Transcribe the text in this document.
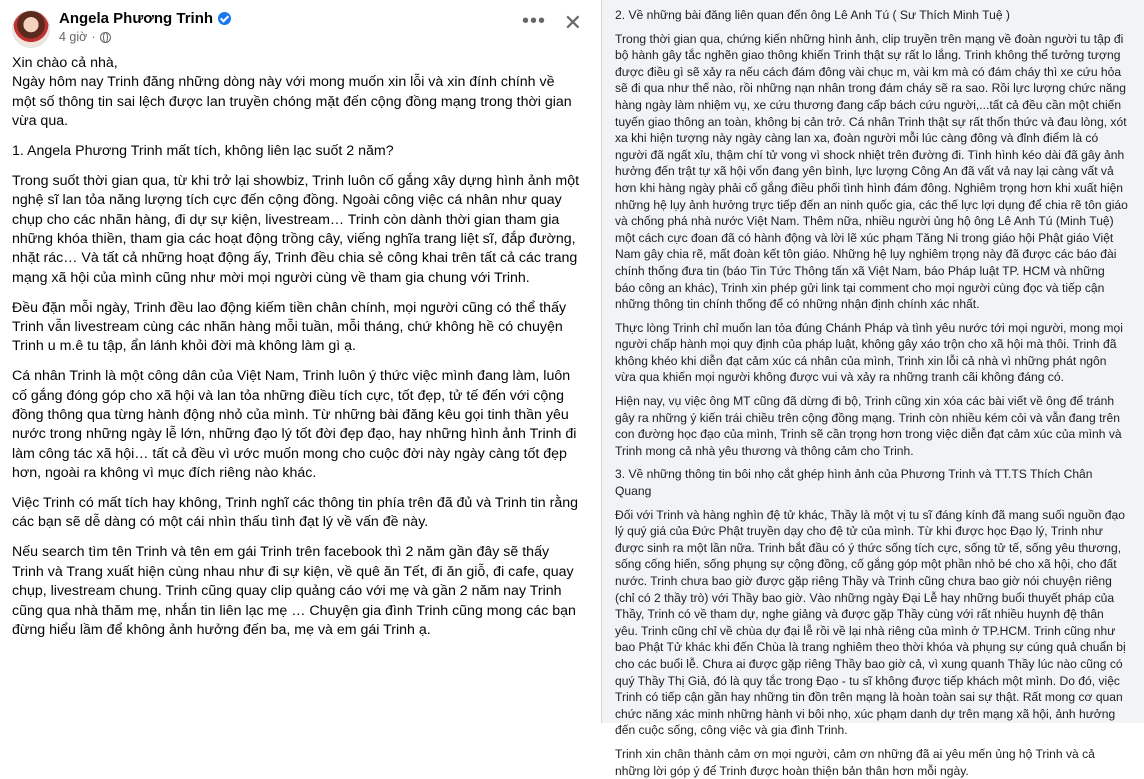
Angela Phương Trinh
4 giờ ·
••• ✕

Xin chào cả nhà,
Ngày hôm nay Trinh đăng những dòng này với mong muốn xin lỗi và xin đính chính về một số thông tin sai lệch được lan truyền chóng mặt đến cộng đồng mạng trong thời gian vừa qua.

1. Angela Phương Trinh mất tích, không liên lạc suốt 2 năm?

Trong suốt thời gian qua, từ khi trở lại showbiz, Trinh luôn cố gắng xây dựng hình ảnh một nghệ sĩ lan tỏa năng lượng tích cực đến cộng đồng. Ngoài công việc cá nhân như quay chụp cho các nhãn hàng, đi dự sự kiện, livestream… Trinh còn dành thời gian tham gia những khóa thiền, tham gia các hoạt động trồng cây, viếng nghĩa trang liệt sĩ, đắp đường, nhặt rác… Và tất cả những hoạt động ấy, Trinh đều chia sẻ công khai trên tất cả các trang mạng xã hội của mình cũng như mời mọi người cùng về tham gia chung với Trinh.

Đều đặn mỗi ngày, Trinh đều lao động kiếm tiền chân chính, mọi người cũng có thể thấy Trinh vẫn livestream cùng các nhãn hàng mỗi tuần, mỗi tháng, chứ không hề có chuyện Trinh u m.ê tu tập, ẩn lánh khỏi đời mà không làm gì ạ.

Cá nhân Trinh là một công dân của Việt Nam, Trinh luôn ý thức việc mình đang làm, luôn cố gắng đóng góp cho xã hội và lan tỏa những điều tích cực, tốt đẹp, tử tế đến với cộng đồng thông qua từng hành động nhỏ của mình. Từ những bài đăng kêu gọi tinh thần yêu nước trong những ngày lễ lớn, những đạo lý tốt đời đẹp đạo, hay những hình ảnh Trinh đi làm công tác xã hội… tất cả đều vì ước muốn mong cho cuộc đời này ngày càng tốt đẹp hơn, ngoài ra không vì mục đích riêng nào khác.

Việc Trinh có mất tích hay không, Trinh nghĩ các thông tin phía trên đã đủ và Trinh tin rằng các bạn sẽ dễ dàng có một cái nhìn thấu tình đạt lý về vấn đề này.

Nếu search tìm tên Trinh và tên em gái Trinh trên facebook thì 2 năm gần đây sẽ thấy Trinh và Trang xuất hiện cùng nhau như đi sự kiện, về quê ăn Tết, đi ăn giỗ, đi cafe, quay chụp, livestream chung. Trinh cũng quay clip quảng cáo với mẹ và gần 2 năm nay Trinh cũng qua nhà thăm mẹ, nhắn tin liên lạc mẹ … Chuyện gia đình Trinh cũng mong các bạn đừng hiểu lầm để không ảnh hưởng đến ba, mẹ và em gái Trinh ạ.

2. Về những bài đăng liên quan đến ông Lê Anh Tú ( Sư Thích Minh Tuệ )

Trong thời gian qua, chứng kiến những hình ảnh, clip truyền trên mạng về đoàn người tu tập đi bộ hành gây tắc nghẽn giao thông khiến Trinh thật sự rất lo lắng. Trinh không thể tưởng tượng được điều gì sẽ xảy ra nếu cách đám đông vài chục m, vài km mà có đám cháy thì xe cứu hỏa sẽ đi qua như thế nào, rồi những nạn nhân trong đám cháy sẽ ra sao. Rồi lực lượng chức năng hàng ngày làm nhiệm vụ, xe cứu thương đang cấp bách cứu người,...tất cả đều cần một chiến tuyến giao thông an toàn, không bị cản trở. Cá nhân Trinh thật sự rất thổn thức và đau lòng, xót xa khi hiện tượng này ngày càng lan xa, đoàn người mỗi lúc càng đông và đỉnh điểm là có người đã ngất xỉu, thậm chí tử vong vì shock nhiệt trên đường đi. Tình hình kéo dài đã gây ảnh hưởng đến trật tự xã hội vốn đang yên bình, lực lượng Công An đã vất vả nay lại càng vất vả hơn khi hàng ngày phải cố gắng điều phối tình hình đám đông. Nghiêm trọng hơn khi xuất hiện những hệ lụy ảnh hưởng trực tiếp đến an ninh quốc gia, các thế lực lợi dụng để chia rẽ tôn giáo và chống phá nhà nước Việt Nam. Thêm nữa, nhiều người ủng hộ ông Lê Anh Tú (Minh Tuệ) một cách cực đoan đã có hành động và lời lẽ xúc phạm Tăng Ni trong giáo hội Phật giáo Việt Nam gây chia rẽ, mất đoàn kết tôn giáo. Những hệ lụy nghiêm trọng này đã được các báo đài chính thống đưa tin (báo Tin Tức Thông tấn xã Việt Nam, báo Pháp luật TP. HCM và những báo công an khác), Trinh xin phép gửi link tại comment cho mọi người cùng đọc và tiếp cận những thông tin chính thống để có những nhận định chính xác nhất.

Thực lòng Trinh chỉ muốn lan tỏa đúng Chánh Pháp và tình yêu nước tới mọi người, mong mọi người chấp hành mọi quy định của pháp luật, không gây xáo trộn cho xã hội mà thôi. Trinh đã không khéo khi diễn đạt cảm xúc cá nhân của mình, Trinh xin lỗi cả nhà vì những phát ngôn vừa qua khiến mọi người không được vui và xảy ra những tranh cãi không đáng có.

Hiện nay, vụ việc ông MT cũng đã dừng đi bộ, Trinh cũng xin xóa các bài viết về ông để tránh gây ra những ý kiến trái chiều trên cộng đồng mạng. Trinh còn nhiều kém cỏi và vẫn đang trên con đường học đạo của mình, Trinh sẽ cần trọng hơn trong việc diễn đạt cảm xúc của mình và Trinh mong cả nhà yêu thương và thông cảm cho Trinh.

3. Về những thông tin bôi nhọ cắt ghép hình ảnh của Phương Trinh và TT.TS Thích Chân Quang

Đối với Trinh và hàng nghìn đệ tử khác, Thầy là một vị tu sĩ đáng kính đã mang suối nguồn đạo lý quý giá của Đức Phật truyền dạy cho đệ tử của mình. Từ khi được học Đạo lý, Trinh như được sinh ra một lần nữa. Trinh bắt đầu có ý thức sống tích cực, sống tử tế, sống yêu thương, sống cống hiến, sống phụng sự cộng đồng, cố gắng góp một phần nhỏ bé cho xã hội, cho đất nước. Trinh chưa bao giờ được gặp riêng Thầy và Trinh cũng chưa bao giờ nói chuyện riêng (chỉ có 2 thầy trò) với Thầy bao giờ. Vào những ngày Đại Lễ hay những buổi thuyết pháp của Thầy, Trinh có về tham dự, nghe giảng và được gặp Thầy cùng với rất nhiều huynh đệ thân yêu. Trinh cũng chỉ về chùa dự đại lễ rồi về lại nhà riêng của mình ở TP.HCM. Trinh cũng như bao Phật Tử khác khi đến Chùa là trang nghiêm theo thời khóa và phụng sự cúng quả chuẩn bị cho các buổi lễ. Chưa ai được gặp riêng Thầy bao giờ cả, vì xung quanh Thầy lúc nào cũng có quý Thầy Thị Giả, đó là quy tắc trong Đạo - tu sĩ không được tiếp khách một mình. Do đó, việc Trinh có tiếp cận gần hay những tin đồn trên mạng là hoàn toàn sai sự thật. Rất mong cơ quan chức năng xác minh những hành vi bôi nhọ, xúc phạm danh dự trên mạng xã hội, ảnh hưởng đến cuộc sống, công việc và gia đình Trinh.

Trinh xin chân thành cảm ơn mọi người, cảm ơn những đã ai yêu mến ủng hộ Trinh và cả những lời góp ý để Trinh được hoàn thiện bản thân hơn mỗi ngày.
